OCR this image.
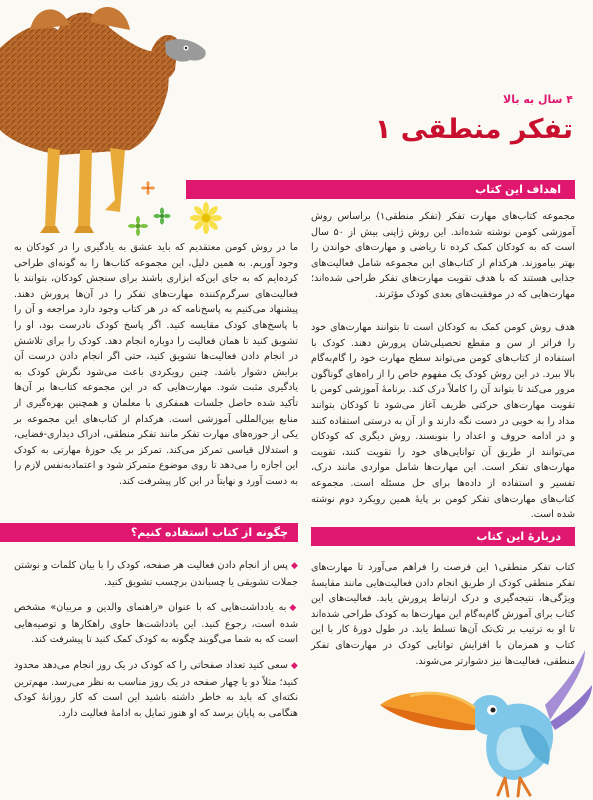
۴ سال به بالا
تفکر منطقی ۱
اهداف این کتاب

مجموعه کتاب‌های مهارت تفکر (تفکر منطقی۱) براساس روش آموزشی کومن نوشته شده‌اند. این روش ژاپنی بیش از ۵۰ سال است که به کودکان کمک کرده تا ریاضی و مهارت‌های خواندن را بهتر بیاموزند. هرکدام از کتاب‌های این مجموعه شامل فعالیت‌های جذابی هستند که با هدف تقویت مهارت‌های تفکر طراحی شده‌اند؛ مهارت‌هایی که در موفقیت‌های بعدی کودک مؤثرند.

هدف روش کومن کمک به کودکان است تا بتوانند مهارت‌های خود را فراتر از سن و مقطع تحصیلی‌شان پرورش دهند. کودک با استفاده از کتاب‌های کومن می‌تواند سطح مهارت خود را گام‌به‌گام بالا ببرد. در این روش کودک یک مفهوم خاص را از راه‌های گوناگون مرور می‌کند تا بتواند آن را کاملاً درک کند. برنامهٔ آموزشی کومن با تقویت مهارت‌های حرکتی ظریف آغاز می‌شود تا کودکان بتوانند مداد را به خوبی در دست نگه دارند و از آن به درستی استفاده کنند و در ادامه حروف و اعداد را بنویسند. روش دیگری که کودکان می‌توانند از طریق آن توانایی‌های خود را تقویت کنند، تقویت مهارت‌های تفکر است. این مهارت‌ها شامل مواردی مانند درک، تفسیر و استفاده از داده‌ها برای حل مسئله است. مجموعه کتاب‌های مهارت‌های تفکر کومن بر پایهٔ همین رویکرد دوم نوشته شده است.

ما در روش کومن معتقدیم که باید عشق به یادگیری را در کودکان به وجود آوریم. به همین دلیل، این مجموعه کتاب‌ها را به گونه‌ای طراحی کرده‌ایم که به جای این‌که ابزاری باشند برای سنجش کودکان، بتوانند با فعالیت‌های سرگرم‌کننده مهارت‌های تفکر را در آن‌ها پرورش دهند. پیشنهاد می‌کنیم به پاسخ‌نامه که در هر کتاب وجود دارد مراجعه و آن را با پاسخ‌های کودک مقایسه کنید. اگر پاسخ کودک نادرست بود، او را تشویق کنید تا همان فعالیت را دوباره انجام دهد. کودک را برای تلاشش در انجام دادن فعالیت‌ها تشویق کنید، حتی اگر انجام دادن درست آن برایش دشوار باشد. چنین رویکردی باعث می‌شود نگرش کودک به یادگیری مثبت شود. مهارت‌هایی که در این مجموعه کتاب‌ها بر آن‌ها تأکید شده حاصل جلسات همفکری با معلمان و همچنین بهره‌گیری از منابع بین‌المللی آموزشی است. هرکدام از کتاب‌های این مجموعه بر یکی از حوزه‌های مهارت تفکر مانند تفکر منطقی، ادراک دیداری-فضایی، و استدلال قیاسی تمرکز می‌کند. تمرکز بر یک حوزهٔ مهارتی به کودک این اجازه را می‌دهد تا روی موضوع متمرکز شود و اعتمادبه‌نفس لازم را به دست آورد و نهایتاً در این کار پیشرفت کند.

دربارهٔ این کتاب

کتاب تفکر منطقی۱ این فرصت را فراهم می‌آورد تا مهارت‌های تفکر منطقی کودک از طریق انجام دادن فعالیت‌هایی مانند مقایسهٔ ویژگی‌ها، نتیجه‌گیری و درک ارتباط پرورش یابد. فعالیت‌های این کتاب برای آموزش گام‌به‌گام این مهارت‌ها به کودک طراحی شده‌اند تا او به ترتیب بر تک‌تک آن‌ها تسلط یابد. در طول دورهٔ کار با این کتاب و همزمان با افزایش توانایی کودک در مهارت‌های تفکر منطقی، فعالیت‌ها نیز دشوارتر می‌شوند.

چگونه از کتاب استفاده کنیم؟

◆پس از انجام دادن فعالیت هر صفحه، کودک را با بیان کلمات و نوشتن جملات تشویقی یا چسباندن برچسب تشویق کنید.

◆به یادداشت‌هایی که با عنوان «راهنمای والدین و مربیان» مشخص شده است، رجوع کنید. این یادداشت‌ها حاوی راهکارها و توصیه‌هایی است که به شما می‌گویند چگونه به کودک کمک کنید تا پیشرفت کند.

◆سعی کنید تعداد صفحاتی را که کودک در یک روز انجام می‌دهد محدود کنید؛ مثلاً دو یا چهار صفحه در یک روز مناسب به نظر می‌رسد. مهم‌ترین نکته‌ای که باید به خاطر داشته باشید این است که کار روزانهٔ کودک هنگامی به پایان برسد که او هنوز تمایل به ادامهٔ فعالیت دارد.
